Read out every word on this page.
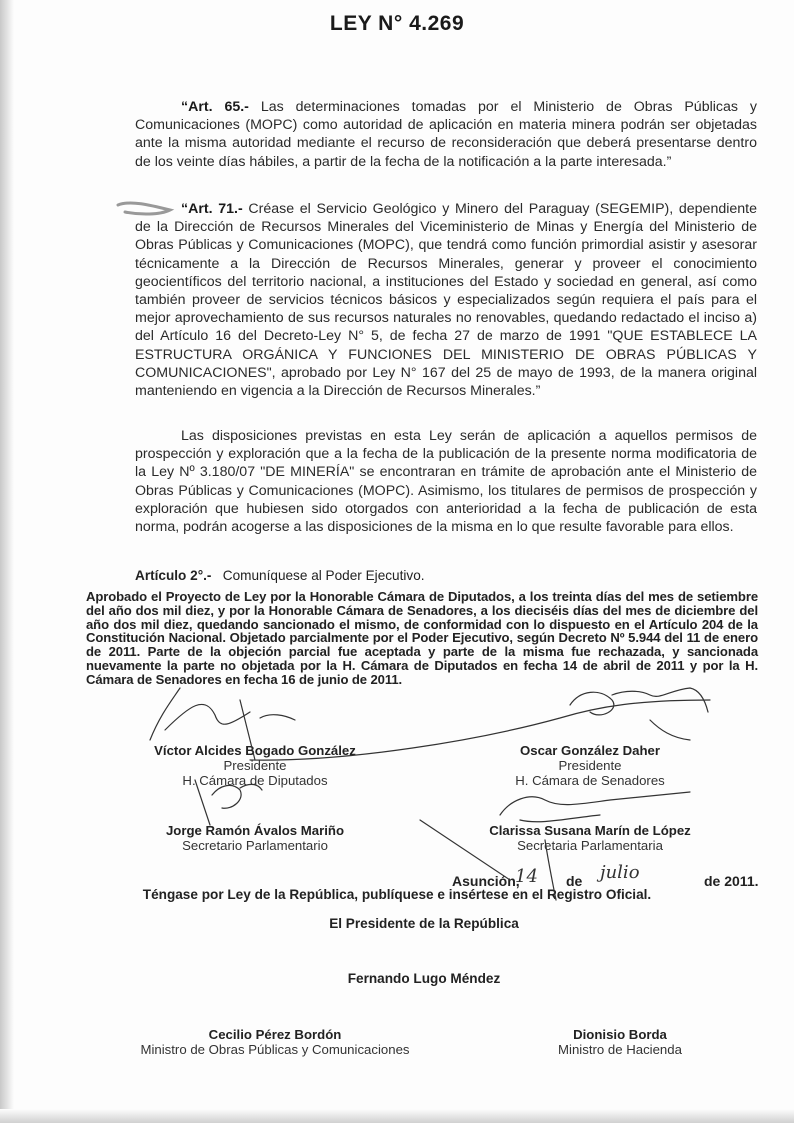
LEY N° 4.269

“Art. 65.- Las determinaciones tomadas por el Ministerio de Obras Públicas y Comunicaciones (MOPC) como autoridad de aplicación en materia minera podrán ser objetadas ante la misma autoridad mediante el recurso de reconsideración que deberá presentarse dentro de los veinte días hábiles, a partir de la fecha de la notificación a la parte interesada.”

“Art. 71.- Créase el Servicio Geológico y Minero del Paraguay (SEGEMIP), dependiente de la Dirección de Recursos Minerales del Viceministerio de Minas y Energía del Ministerio de Obras Públicas y Comunicaciones (MOPC), que tendrá como función primordial asistir y asesorar técnicamente a la Dirección de Recursos Minerales, generar y proveer el conocimiento geocientíficos del territorio nacional, a instituciones del Estado y sociedad en general, así como también proveer de servicios técnicos básicos y especializados según requiera el país para el mejor aprovechamiento de sus recursos naturales no renovables, quedando redactado el inciso a) del Artículo 16 del Decreto-Ley N° 5, de fecha 27 de marzo de 1991 "QUE ESTABLECE LA ESTRUCTURA ORGÁNICA Y FUNCIONES DEL MINISTERIO DE OBRAS PÚBLICAS Y COMUNICACIONES", aprobado por Ley N° 167 del 25 de mayo de 1993, de la manera original manteniendo en vigencia a la Dirección de Recursos Minerales.”

Las disposiciones previstas en esta Ley serán de aplicación a aquellos permisos de prospección y exploración que a la fecha de la publicación de la presente norma modificatoria de la Ley Nº 3.180/07 "DE MINERÍA" se encontraran en trámite de aprobación ante el Ministerio de Obras Públicas y Comunicaciones (MOPC). Asimismo, los titulares de permisos de prospección y exploración que hubiesen sido otorgados con anterioridad a la fecha de publicación de esta norma, podrán acogerse a las disposiciones de la misma en lo que resulte favorable para ellos.

Artículo 2°.- Comuníquese al Poder Ejecutivo.
Aprobado el Proyecto de Ley por la Honorable Cámara de Diputados, a los treinta días del mes de setiembre del año dos mil diez, y por la Honorable Cámara de Senadores, a los dieciséis días del mes de diciembre del año dos mil diez, quedando sancionado el mismo, de conformidad con lo dispuesto en el Artículo 204 de la Constitución Nacional. Objetado parcialmente por el Poder Ejecutivo, según Decreto Nº 5.944 del 11 de enero de 2011. Parte de la objeción parcial fue aceptada y parte de la misma fue rechazada, y sancionada nuevamente la parte no objetada por la H. Cámara de Diputados en fecha 14 de abril de 2011 y por la H. Cámara de Senadores en fecha 16 de junio de 2011.
Víctor Alcides Bogado González
Presidente
H. Cámara de Diputados
Oscar González Daher
Presidente
H. Cámara de Senadores
Jorge Ramón Ávalos Mariño
Secretario Parlamentario
Clarissa Susana Marín de López
Secretaria Parlamentaria
Asunción,
14 de julio	de 2011.
Téngase por Ley de la República, publíquese e insértese en el Registro Oficial.
El Presidente de la República
Fernando Lugo Méndez
Cecilio Pérez Bordón
Ministro de Obras Públicas y Comunicaciones
Dionisio Borda
Ministro de Hacienda
